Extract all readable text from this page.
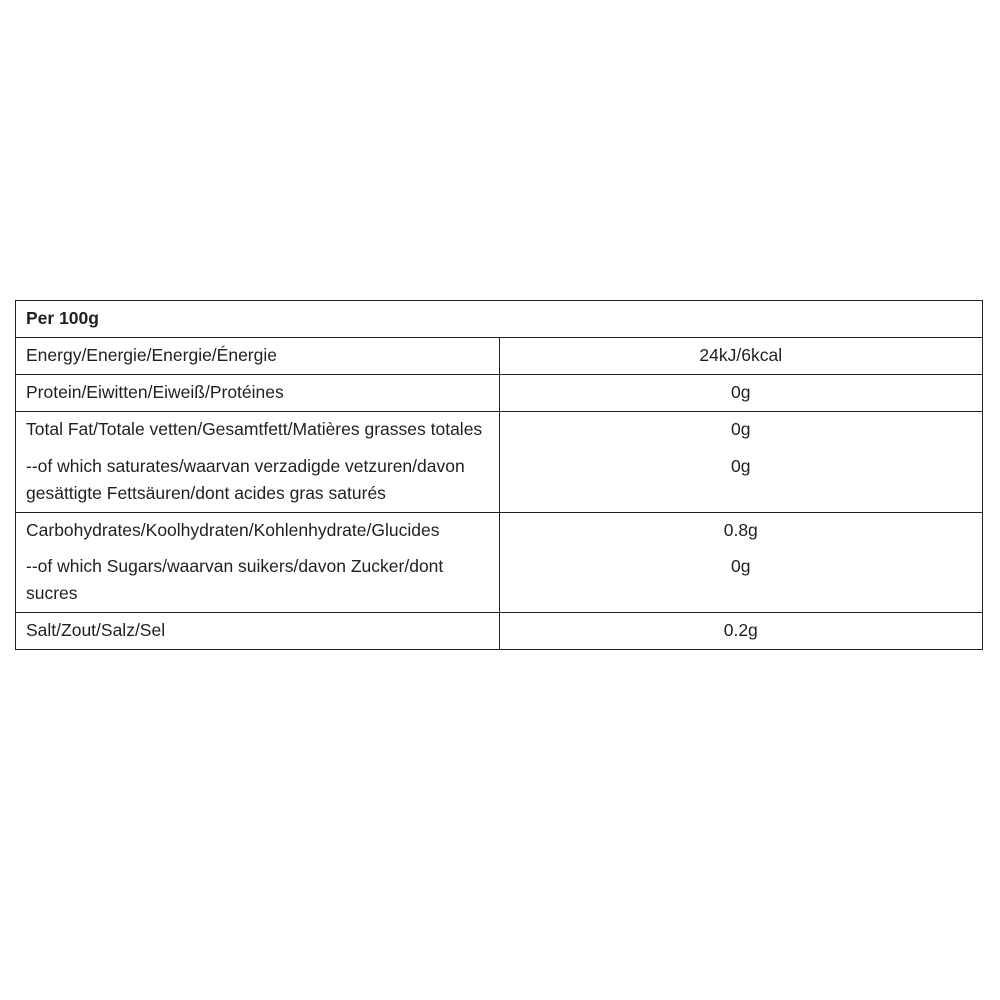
Per 100g	
Energy/Energie/Energie/Énergie	24kJ/6kcal
Protein/Eiwitten/Eiweiß/Protéines	0g
Total Fat/Totale vetten/Gesamtfett/Matières grasses totales	0g
--of which saturates/waarvan verzadigde vetzuren/davon gesättigte Fettsäuren/dont acides gras saturés	0g
Carbohydrates/Koolhydraten/Kohlenhydrate/Glucides	0.8g
--of which Sugars/waarvan suikers/davon Zucker/dont sucres	0g
Salt/Zout/Salz/Sel	0.2g
